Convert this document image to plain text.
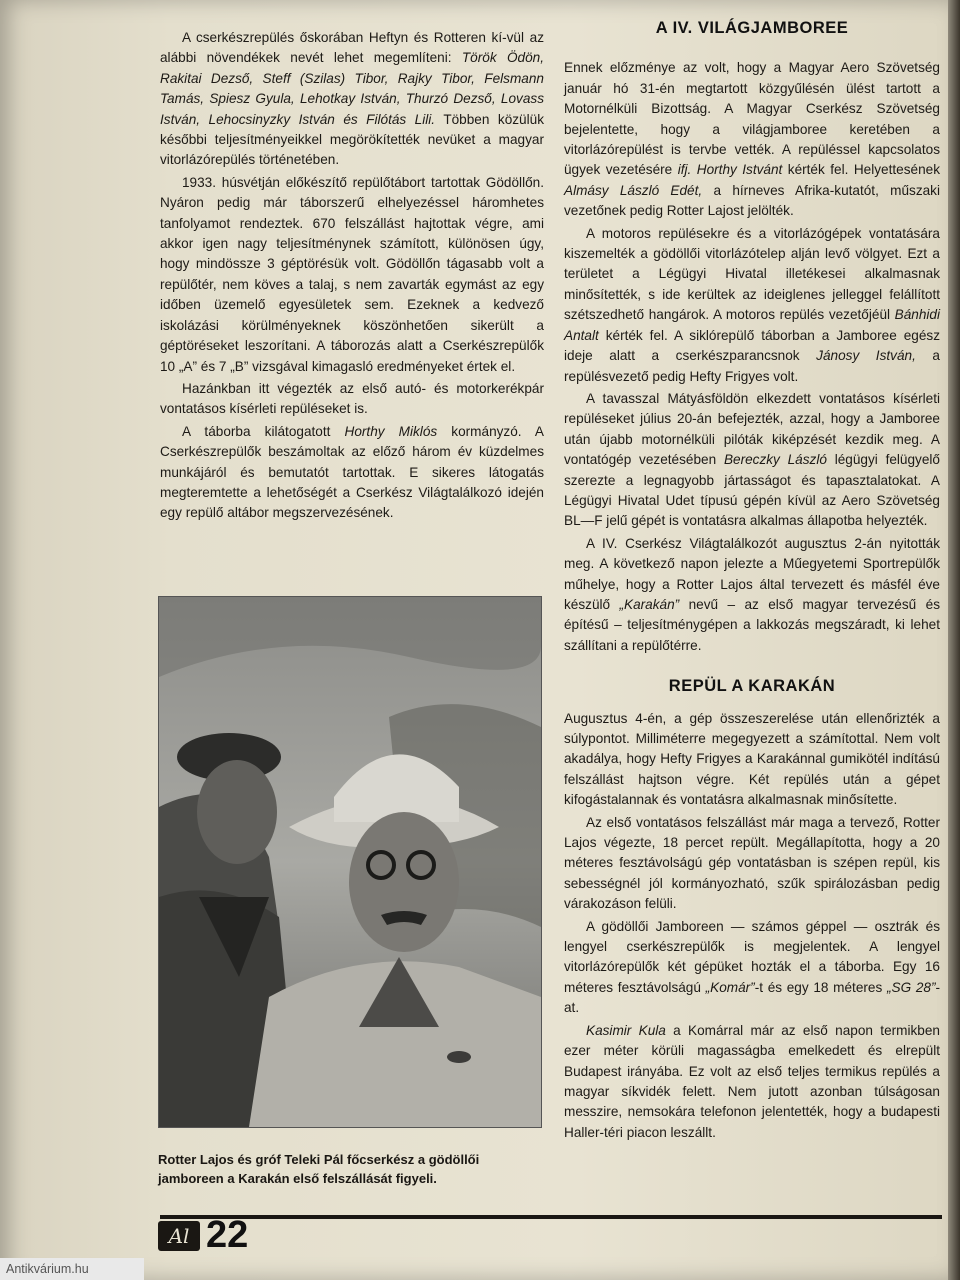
A cserkészrepülés őskorában Heftyn és Rotteren kí-vül az alábbi növendékek nevét lehet megemlíteni: Török Ödön, Rakitai Dezső, Steff (Szilas) Tibor, Rajky Tibor, Felsmann Tamás, Spiesz Gyula, Lehotkay István, Thurzó Dezső, Lovass István, Lehocsinyzky István és Filótás Lili. Többen közülük későbbi teljesítményeikkel megörökítették nevüket a magyar vitorlázórepülés történetében.

1933. húsvétján előkészítő repülőtábort tartottak Gödöllőn. Nyáron pedig már táborszerű elhelyezéssel háromhetes tanfolyamot rendeztek. 670 felszállást hajtottak végre, ami akkor igen nagy teljesítménynek számított, különösen úgy, hogy mindössze 3 géptörésük volt. Gödöllőn tágasabb volt a repülőtér, nem köves a talaj, s nem zavarták egymást az egy időben üzemelő egyesületek sem. Ezeknek a kedvező iskolázási körülményeknek köszönhetően sikerült a géptöréseket leszorítani. A táborozás alatt a Cserkészrepülők 10 „A” és 7 „B” vizsgával kimagasló eredményeket értek el.

Hazánkban itt végezték az első autó- és motorkerékpár vontatásos kísérleti repüléseket is.

A táborba kilátogatott Horthy Miklós kormányzó. A Cserkészrepülők beszámoltak az előző három év küzdelmes munkájáról és bemutatót tartottak. E sikeres látogatás megteremtette a lehetőségét a Cserkész Világtalálkozó idején egy repülő altábor megszervezésének.

Rotter Lajos és gróf Teleki Pál főcserkész a gödöllői jamboreen a Karakán első felszállását figyeli.

A IV. VILÁGJAMBOREE

Ennek előzménye az volt, hogy a Magyar Aero Szövetség január hó 31-én megtartott közgyűlésén ülést tartott a Motornélküli Bizottság. A Magyar Cserkész Szövetség bejelentette, hogy a világjamboree keretében a vitorlázórepülést is tervbe vették. A repüléssel kapcsolatos ügyek vezetésére ifj. Horthy Istvánt kérték fel. Helyettesének Almásy László Edét, a hírneves Afrika-kutatót, műszaki vezetőnek pedig Rotter Lajost jelölték.

A motoros repülésekre és a vitorlázógépek vontatására kiszemelték a gödöllői vitorlázótelep alján levő völgyet. Ezt a területet a Légügyi Hivatal illetékesei alkalmasnak minősítették, s ide kerültek az ideiglenes jelleggel felállított szétszedhető hangárok. A motoros repülés vezetőjéül Bánhidi Antalt kérték fel. A siklórepülő táborban a Jamboree egész ideje alatt a cserkészparancsnok Jánosy István, a repülésvezető pedig Hefty Frigyes volt.

A tavasszal Mátyásföldön elkezdett vontatásos kísérleti repüléseket július 20-án befejezték, azzal, hogy a Jamboree után újabb motornélküli pilóták kiképzését kezdik meg. A vontatógép vezetésében Bereczky László légügyi felügyelő szerezte a legnagyobb jártasságot és tapasztalatokat. A Légügyi Hivatal Udet típusú gépén kívül az Aero Szövetség BL—F jelű gépét is vontatásra alkalmas állapotba helyezték.

A IV. Cserkész Világtalálkozót augusztus 2-án nyitották meg. A következő napon jelezte a Műegyetemi Sportrepülők műhelye, hogy a Rotter Lajos által tervezett és másfél éve készülő „Karakán” nevű – az első magyar tervezésű és építésű – teljesítménygépen a lakkozás megszáradt, ki lehet szállítani a repülőtérre.

REPÜL A KARAKÁN

Augusztus 4-én, a gép összeszerelése után ellenőrizték a súlypontot. Milliméterre megegyezett a számítottal. Nem volt akadálya, hogy Hefty Frigyes a Karakánnal gumikötél indítású felszállást hajtson végre. Két repülés után a gépet kifogástalannak és vontatásra alkalmasnak minősítette.

Az első vontatásos felszállást már maga a tervező, Rotter Lajos végezte, 18 percet repült. Megállapította, hogy a 20 méteres fesztávolságú gép vontatásban is szépen repül, kis sebességnél jól kormányozható, szűk spirálozásban pedig várakozáson felüli.

A gödöllői Jamboreen — számos géppel — osztrák és lengyel cserkészrepülők is megjelentek. A lengyel vitorlázórepülők két gépüket hozták el a táborba. Egy 16 méteres fesztávolságú „Komár”-t és egy 18 méteres „SG 28”-at.

Kasimir Kula a Komárral már az első napon termikben ezer méter körüli magasságba emelkedett és elrepült Budapest irányába. Ez volt az első teljes termikus repülés a magyar síkvidék felett. Nem jutott azonban túlságosan messzire, nemsokára telefonon jelentették, hogy a budapesti Haller-téri piacon leszállt.

Al 22
Antikvárium.hu
